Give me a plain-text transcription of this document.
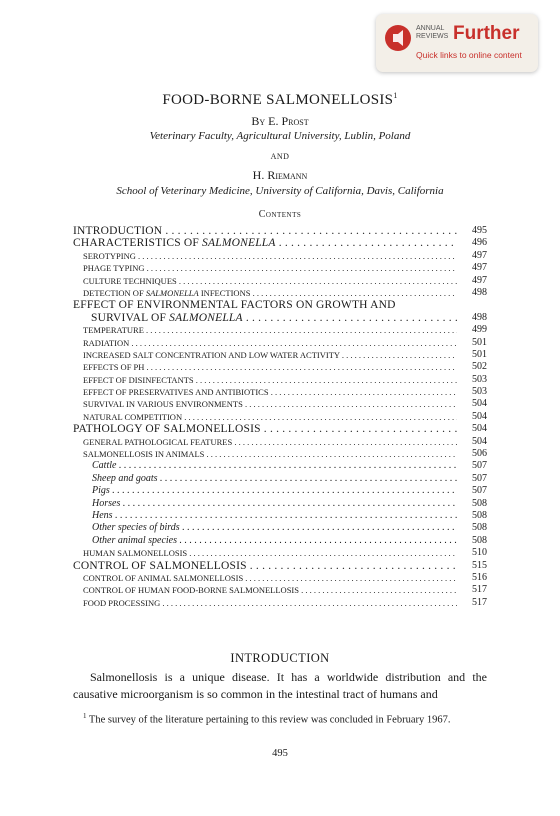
ANNUAL
REVIEWS Further
Quick links to online content
FOOD-BORNE SALMONELLOSIS$^1$
By E. Prost
Veterinary Faculty, Agricultural University, Lublin, Poland
AND
H. Riemann
School of Veterinary Medicine, University of California, Davis, California
Contents
INTRODUCTION . . .	495
CHARACTERISTICS OF SALMONELLA . . .	496
SEROTYPING . . .	497
PHAGE TYPING . . .	497
CULTURE TECHNIQUES . . .	497
DETECTION OF SALMONELLA INFECTIONS . . .	498
EFFECT OF ENVIRONMENTAL FACTORS ON GROWTH AND
SURVIVAL OF SALMONELLA . . .	498
TEMPERATURE . . .	499
RADIATION . . .	501
INCREASED SALT CONCENTRATION AND LOW WATER ACTIVITY . . .	501
EFFECTS OF PH . . .	502
EFFECT OF DISINFECTANTS . . .	503
EFFECT OF PRESERVATIVES AND ANTIBIOTICS . . .	503
SURVIVAL IN VARIOUS ENVIRONMENTS . . .	504
NATURAL COMPETITION . . .	504
PATHOLOGY OF SALMONELLOSIS . . .	504
GENERAL PATHOLOGICAL FEATURES . . .	504
SALMONELLOSIS IN ANIMALS . . .	506
Cattle . . .	507
Sheep and goats . . .	507
Pigs . . .	507
Horses . . .	508
Hens . . .	508
Other species of birds . . .	508
Other animal species . . .	508
HUMAN SALMONELLOSIS . . .	510
CONTROL OF SALMONELLOSIS . . .	515
CONTROL OF ANIMAL SALMONELLOSIS . . .	516
CONTROL OF HUMAN FOOD-BORNE SALMONELLOSIS . . .	517
FOOD PROCESSING . . .	517
INTRODUCTION
Salmonellosis is a unique disease. It has a worldwide distribution and the causative microorganism is so common in the intestinal tract of humans and
$^1$ The survey of the literature pertaining to this review was concluded in February 1967.
495
